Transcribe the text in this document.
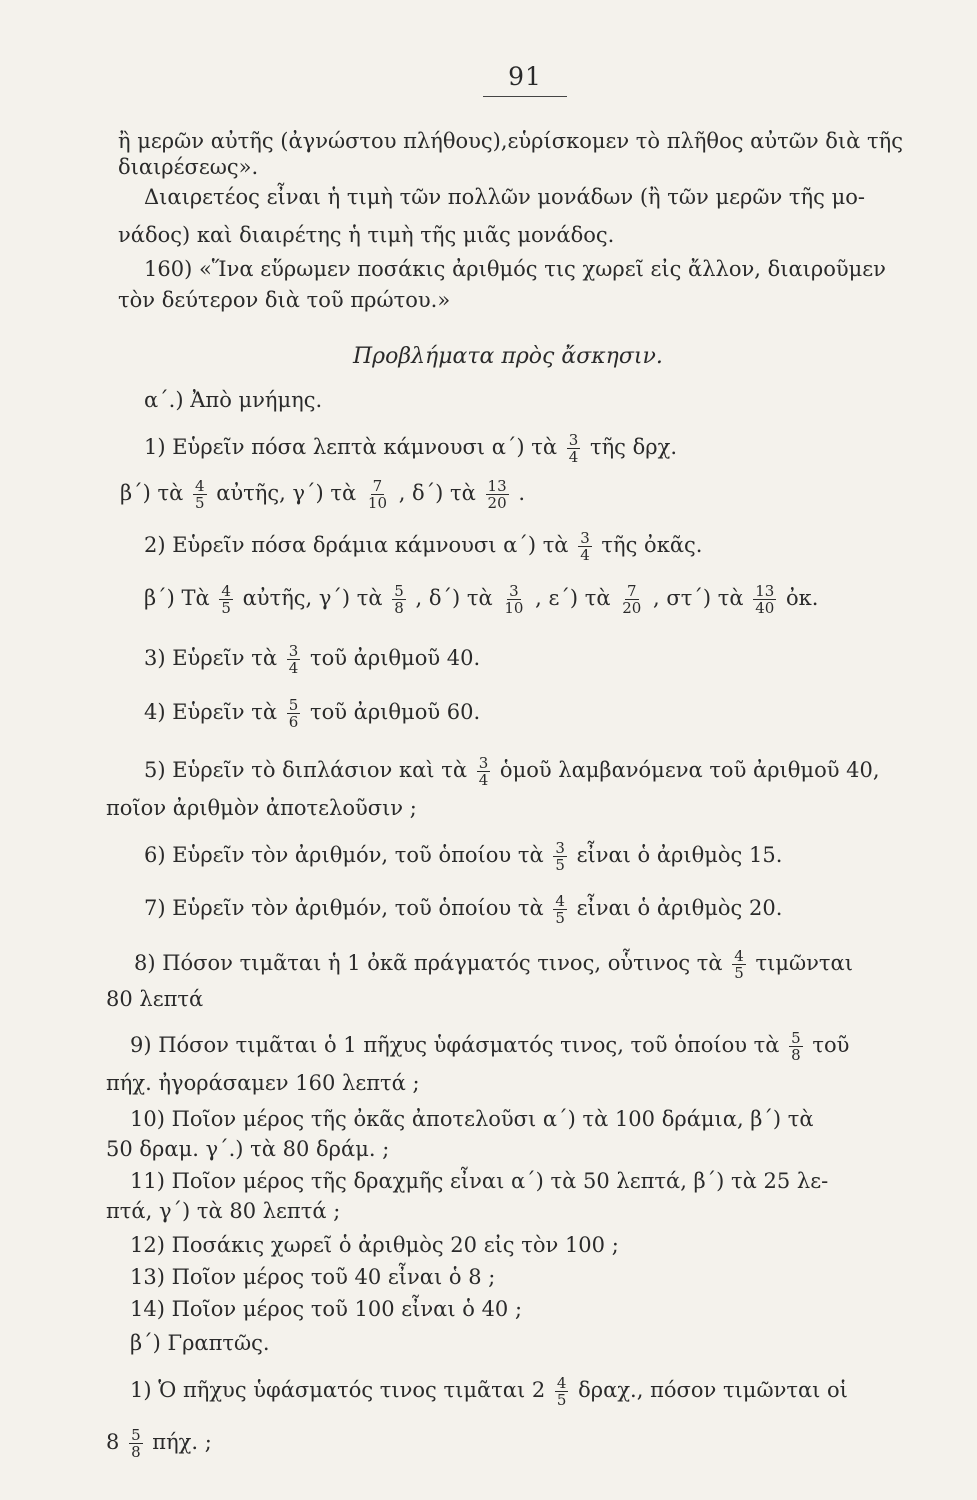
91
ἢ μερῶν αὐτῆς (ἀγνώστου πλήθους),εὑρίσκομεν τὸ πλῆθος αὐτῶν διὰ τῆς
διαιρέσεως».
Διαιρετέος εἶναι ἡ τιμὴ τῶν πολλῶν μονάδων (ἢ τῶν μερῶν τῆς μο-
νάδος) καὶ διαιρέτης ἡ τιμὴ τῆς μιᾶς μονάδος.
160) «Ἵνα εὕρωμεν ποσάκις ἀριθμός τις χωρεῖ εἰς ἄλλον, διαιροῦμεν
τὸν δεύτερον διὰ τοῦ πρώτου.»
Προβλήματα πρὸς ἄσκησιν.
α΄.) Ἀπὸ μνήμης.
1) Εὑρεῖν πόσα λεπτὰ κάμνουσι α΄) τὰ $\frac{3}{4}$ τῆς δρχ.
β΄) τὰ $\frac{4}{5}$ αὐτῆς, γ΄) τὰ $\frac{7}{10}$ , δ΄) τὰ $\frac{13}{20}$ .
2) Εὑρεῖν πόσα δράμια κάμνουσι α΄) τὰ $\frac{3}{4}$ τῆς ὀκᾶς.
β΄) Τὰ $\frac{4}{5}$ αὐτῆς, γ΄) τὰ $\frac{5}{8}$ , δ΄) τὰ $\frac{3}{10}$ , ε΄) τὰ $\frac{7}{20}$ , στ΄) τὰ $\frac{13}{40}$ ὀκ.
3) Εὑρεῖν τὰ $\frac{3}{4}$ τοῦ ἀριθμοῦ 40.
4) Εὑρεῖν τὰ $\frac{5}{6}$ τοῦ ἀριθμοῦ 60.
5) Εὑρεῖν τὸ διπλάσιον καὶ τὰ $\frac{3}{4}$ ὁμοῦ λαμβανόμενα τοῦ ἀριθμοῦ 40,
ποῖον ἀριθμὸν ἀποτελοῦσιν ;
6) Εὑρεῖν τὸν ἀριθμόν, τοῦ ὁποίου τὰ $\frac{3}{5}$ εἶναι ὁ ἀριθμὸς 15.
7) Εὑρεῖν τὸν ἀριθμόν, τοῦ ὁποίου τὰ $\frac{4}{5}$ εἶναι ὁ ἀριθμὸς 20.
8) Πόσον τιμᾶται ἡ 1 ὀκᾶ πράγματός τινος, οὗτινος τὰ $\frac{4}{5}$ τιμῶνται
80 λεπτά
9) Πόσον τιμᾶται ὁ 1 πῆχυς ὑφάσματός τινος, τοῦ ὁποίου τὰ $\frac{5}{8}$ τοῦ
πήχ. ἠγοράσαμεν 160 λεπτά ;
10) Ποῖον μέρος τῆς ὀκᾶς ἀποτελοῦσι α΄) τὰ 100 δράμια, β΄) τὰ
50 δραμ. γ΄.) τὰ 80 δράμ. ;
11) Ποῖον μέρος τῆς δραχμῆς εἶναι α΄) τὰ 50 λεπτά, β΄) τὰ 25 λε-
πτά, γ΄) τὰ 80 λεπτά ;
12) Ποσάκις χωρεῖ ὁ ἀριθμὸς 20 εἰς τὸν 100 ;
13) Ποῖον μέρος τοῦ 40 εἶναι ὁ 8 ;
14) Ποῖον μέρος τοῦ 100 εἶναι ὁ 40 ;
β΄) Γραπτῶς.
1) Ὁ πῆχυς ὑφάσματός τινος τιμᾶται $2 \frac{4}{5} \delta\rho\alpha\chi$., πόσον τιμῶνται οἱ
$8 \frac{5}{8} \pi ή\chi$. ;
